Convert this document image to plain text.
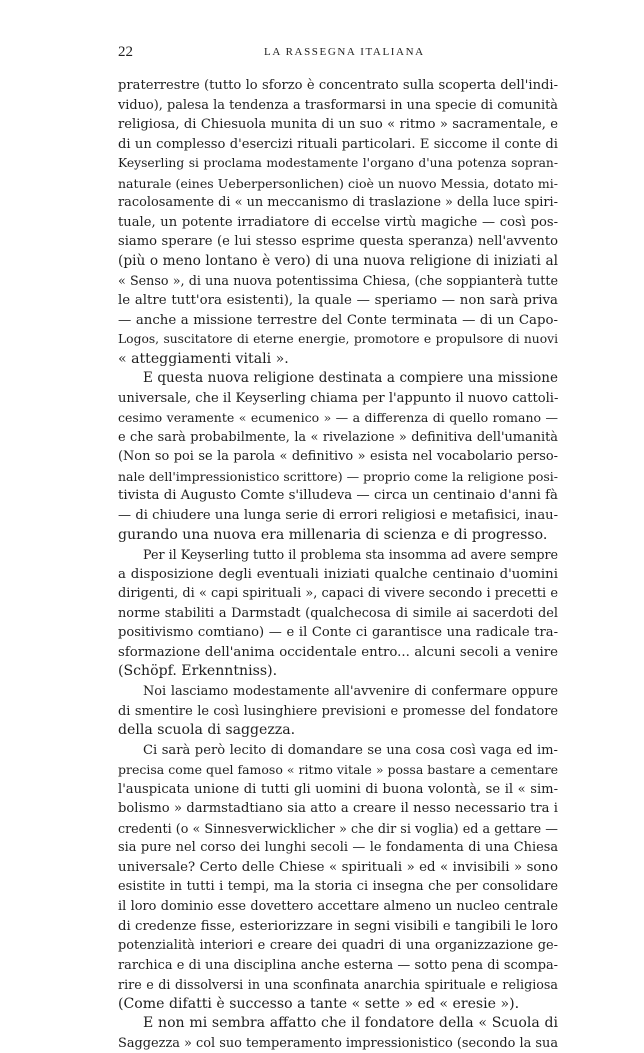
22	LA RASSEGNA ITALIANA
praterrestre (tutto lo sforzo è concentrato sulla scoperta dell'indi-
viduo), palesa la tendenza a trasformarsi in una specie di comunità
religiosa, di Chiesuola munita di un suo « ritmo » sacramentale, e
di un complesso d'esercizi rituali particolari. E siccome il conte di
Keyserling si proclama modestamente l'organo d'una potenza sopran-
naturale (eines Ueberpersonlichen) cioè un nuovo Messia, dotato mi-
racolosamente di « un meccanismo di traslazione » della luce spiri-
tuale, un potente irradiatore di eccelse virtù magiche — così pos-
siamo sperare (e lui stesso esprime questa speranza) nell'avvento
(più o meno lontano è vero) di una nuova religione di iniziati al
« Senso », di una nuova potentissima Chiesa, (che soppianterà tutte
le altre tutt'ora esistenti), la quale — speriamo — non sarà priva
— anche a missione terrestre del Conte terminata — di un Capo-
Logos, suscitatore di eterne energie, promotore e propulsore di nuovi
« atteggiamenti vitali ».
E questa nuova religione destinata a compiere una missione
universale, che il Keyserling chiama per l'appunto il nuovo cattoli-
cesimo veramente « ecumenico » — a differenza di quello romano —
e che sarà probabilmente, la « rivelazione » definitiva dell'umanità
(Non so poi se la parola « definitivo » esista nel vocabolario perso-
nale dell'impressionistico scrittore) — proprio come la religione posi-
tivista di Augusto Comte s'illudeva — circa un centinaio d'anni fà
— di chiudere una lunga serie di errori religiosi e metafisici, inau-
gurando una nuova era millenaria di scienza e di progresso.
Per il Keyserling tutto il problema sta insomma ad avere sempre
a disposizione degli eventuali iniziati qualche centinaio d'uomini
dirigenti, di « capi spirituali », capaci di vivere secondo i precetti e
norme stabiliti a Darmstadt (qualchecosa di simile ai sacerdoti del
positivismo comtiano) — e il Conte ci garantisce una radicale tra-
sformazione dell'anima occidentale entro... alcuni secoli a venire
(Schöpf. Erkenntniss).
Noi lasciamo modestamente all'avvenire di confermare oppure
di smentire le così lusinghiere previsioni e promesse del fondatore
della scuola di saggezza.
Ci sarà però lecito di domandare se una cosa così vaga ed im-
precisa come quel famoso « ritmo vitale » possa bastare a cementare
l'auspicata unione di tutti gli uomini di buona volontà, se il « sim-
bolismo » darmstadtiano sia atto a creare il nesso necessario tra i
credenti (o « Sinnesverwicklicher » che dir si voglia) ed a gettare —
sia pure nel corso dei lunghi secoli — le fondamenta di una Chiesa
universale? Certo delle Chiese « spirituali » ed « invisibili » sono
esistite in tutti i tempi, ma la storia ci insegna che per consolidare
il loro dominio esse dovettero accettare almeno un nucleo centrale
di credenze fisse, esteriorizzare in segni visibili e tangibili le loro
potenzialità interiori e creare dei quadri di una organizzazione ge-
rarchica e di una disciplina anche esterna — sotto pena di scompa-
rire e di dissolversi in una sconfinata anarchia spirituale e religiosa
(Come difatti è successo a tante « sette » ed « eresie »).
E non mi sembra affatto che il fondatore della « Scuola di
Saggezza » col suo temperamento impressionistico (secondo la sua
